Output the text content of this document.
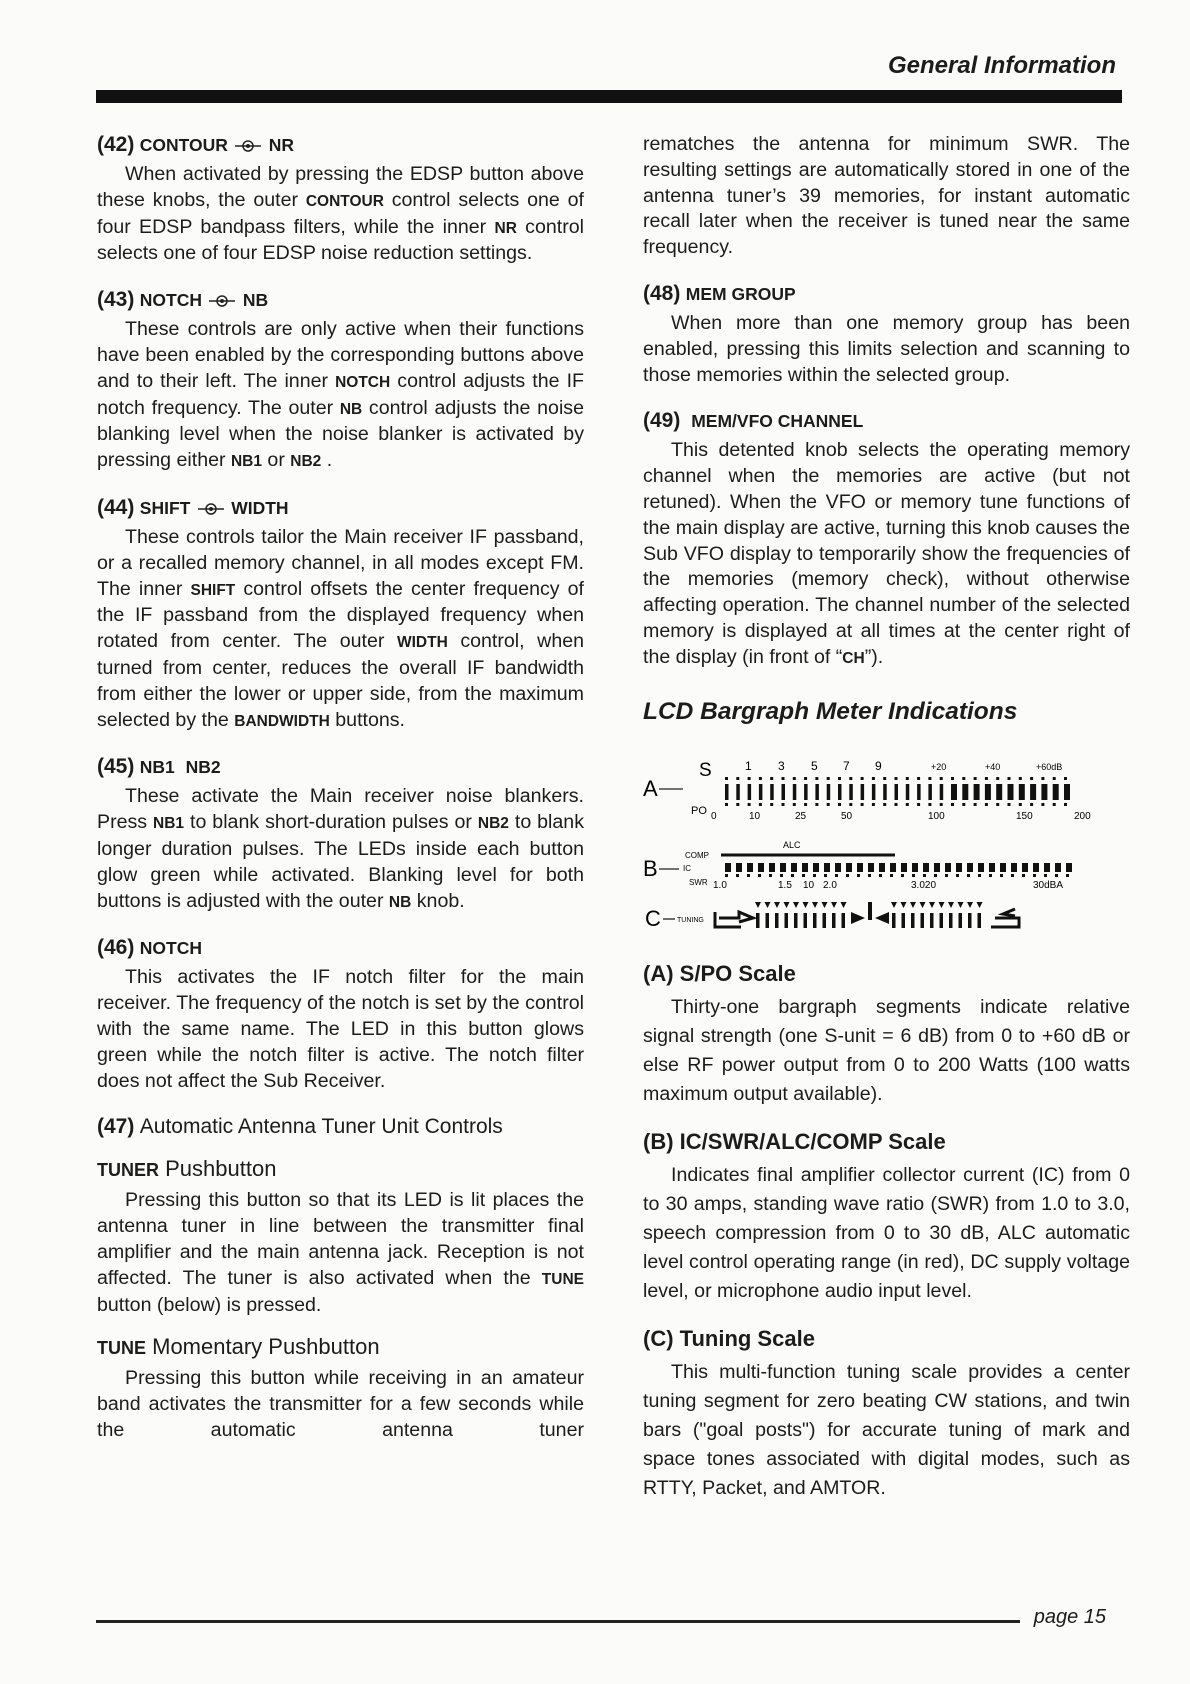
General Information
(42) CONTOUR NR

When activated by pressing the EDSP button above these knobs, the outer CONTOUR control selects one of four EDSP bandpass filters, while the inner NR control selects one of four EDSP noise reduction settings.

(43) NOTCH NB

These controls are only active when their functions have been enabled by the corresponding buttons above and to their left. The inner NOTCH control adjusts the IF notch frequency. The outer NB control adjusts the noise blanking level when the noise blanker is activated by pressing either NB1 or NB2 .

(44) SHIFT WIDTH

These controls tailor the Main receiver IF passband, or a recalled memory channel, in all modes except FM. The inner SHIFT control offsets the center frequency of the IF passband from the displayed frequency when rotated from center. The outer WIDTH control, when turned from center, reduces the overall IF bandwidth from either the lower or upper side, from the maximum selected by the BANDWIDTH buttons.

(45) NB1 NB2

These activate the Main receiver noise blankers. Press NB1 to blank short-duration pulses or NB2 to blank longer duration pulses. The LEDs inside each button glow green while activated. Blanking level for both buttons is adjusted with the outer NB knob.

(46) NOTCH

This activates the IF notch filter for the main receiver. The frequency of the notch is set by the control with the same name. The LED in this button glows green while the notch filter is active. The notch filter does not affect the Sub Receiver.

(47) Automatic Antenna Tuner Unit Controls
TUNER Pushbutton

Pressing this button so that its LED is lit places the antenna tuner in line between the transmitter final amplifier and the main antenna jack. Reception is not affected. The tuner is also activated when the TUNE button (below) is pressed.

TUNE Momentary Pushbutton

Pressing this button while receiving in an amateur band activates the transmitter for a few seconds while the automatic antenna tuner

rematches the antenna for minimum SWR. The resulting settings are automatically stored in one of the antenna tuner’s 39 memories, for instant automatic recall later when the receiver is tuned near the same frequency.

(48) MEM GROUP

When more than one memory group has been enabled, pressing this limits selection and scanning to those memories within the selected group.

(49) MEM/VFO CHANNEL

This detented knob selects the operating memory channel when the memories are active (but not retuned). When the VFO or memory tune functions of the main display are active, turning this knob causes the Sub VFO display to temporarily show the frequencies of the memories (memory check), without otherwise affecting operation. The channel number of the selected memory is displayed at all times at the center right of the display (in front of “CH”).

LCD Bargraph Meter Indications
A
S
PO
1 3 5 7 9	+20	+40	+60dB
0	10	25	50	100	150	200
COMP
ALC
B	IC
SWR 1.0	1.5 10 2.0	3.020	30dBA
C TUNING
(A) S/PO Scale

Thirty-one bargraph segments indicate relative signal strength (one S-unit = 6 dB) from 0 to +60 dB or else RF power output from 0 to 200 Watts (100 watts maximum output available).

(B) IC/SWR/ALC/COMP Scale

Indicates final amplifier collector current (IC) from 0 to 30 amps, standing wave ratio (SWR) from 1.0 to 3.0, speech compression from 0 to 30 dB, ALC automatic level control operating range (in red), DC supply voltage level, or microphone audio input level.

(C) Tuning Scale

This multi-function tuning scale provides a center tuning segment for zero beating CW stations, and twin bars ("goal posts") for accurate tuning of mark and space tones associated with digital modes, such as RTTY, Packet, and AMTOR.

page 15
